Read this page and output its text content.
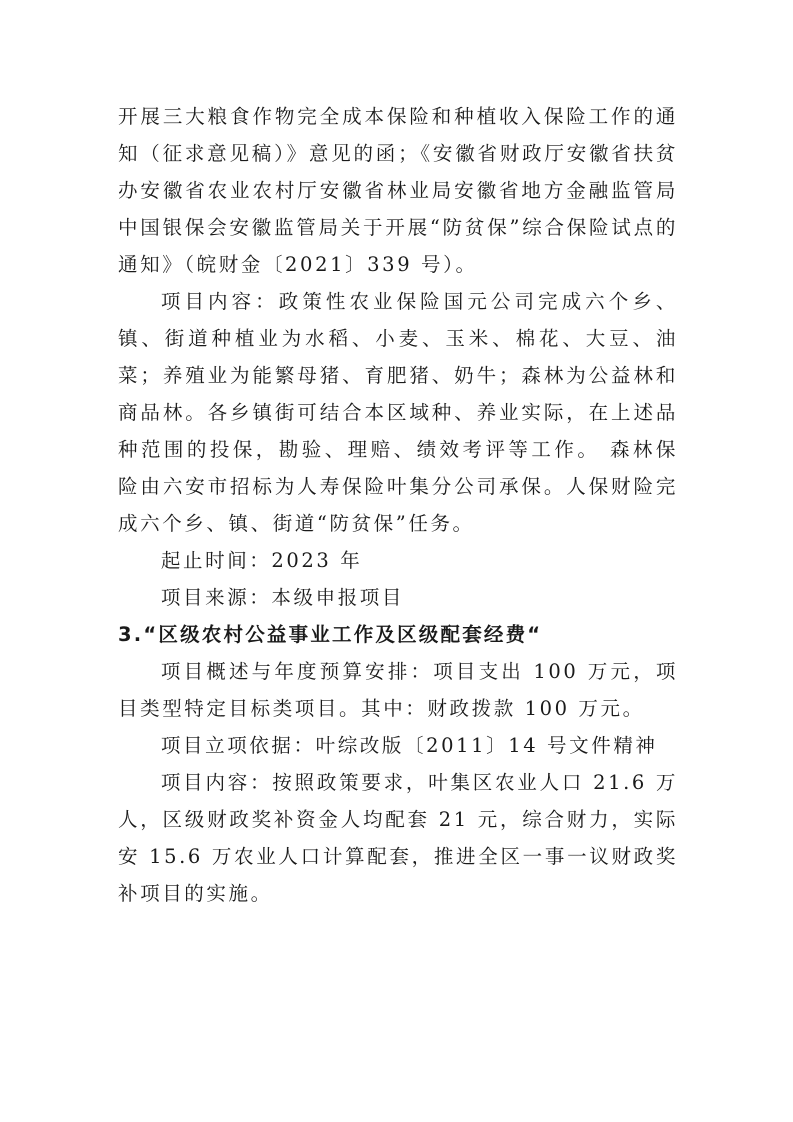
开展三大粮食作物完全成本保险和种植收入保险工作的通知（征求意见稿）》意见的函；《安徽省财政厅安徽省扶贫办安徽省农业农村厅安徽省林业局安徽省地方金融监管局中国银保会安徽监管局关于开展“防贫保”综合保险试点的通知》（皖财金〔2021〕339 号）。

项目内容：政策性农业保险国元公司完成六个乡、镇、街道种植业为水稻、小麦、玉米、棉花、大豆、油菜；养殖业为能繁母猪、育肥猪、奶牛；森林为公益林和商品林。各乡镇街可结合本区域种、养业实际，在上述品种范围的投保，勘验、理赔、绩效考评等工作。 森林保险由六安市招标为人寿保险叶集分公司承保。人保财险完成六个乡、镇、街道“防贫保”任务。

起止时间：2023 年

项目来源：本级申报项目

3.“区级农村公益事业工作及区级配套经费“

项目概述与年度预算安排：项目支出 100 万元，项目类型特定目标类项目。其中：财政拨款 100 万元。

项目立项依据：叶综改版〔2011〕14 号文件精神

项目内容：按照政策要求，叶集区农业人口 21.6 万人，区级财政奖补资金人均配套 21 元，综合财力，实际安 15.6 万农业人口计算配套，推进全区一事一议财政奖补项目的实施。
